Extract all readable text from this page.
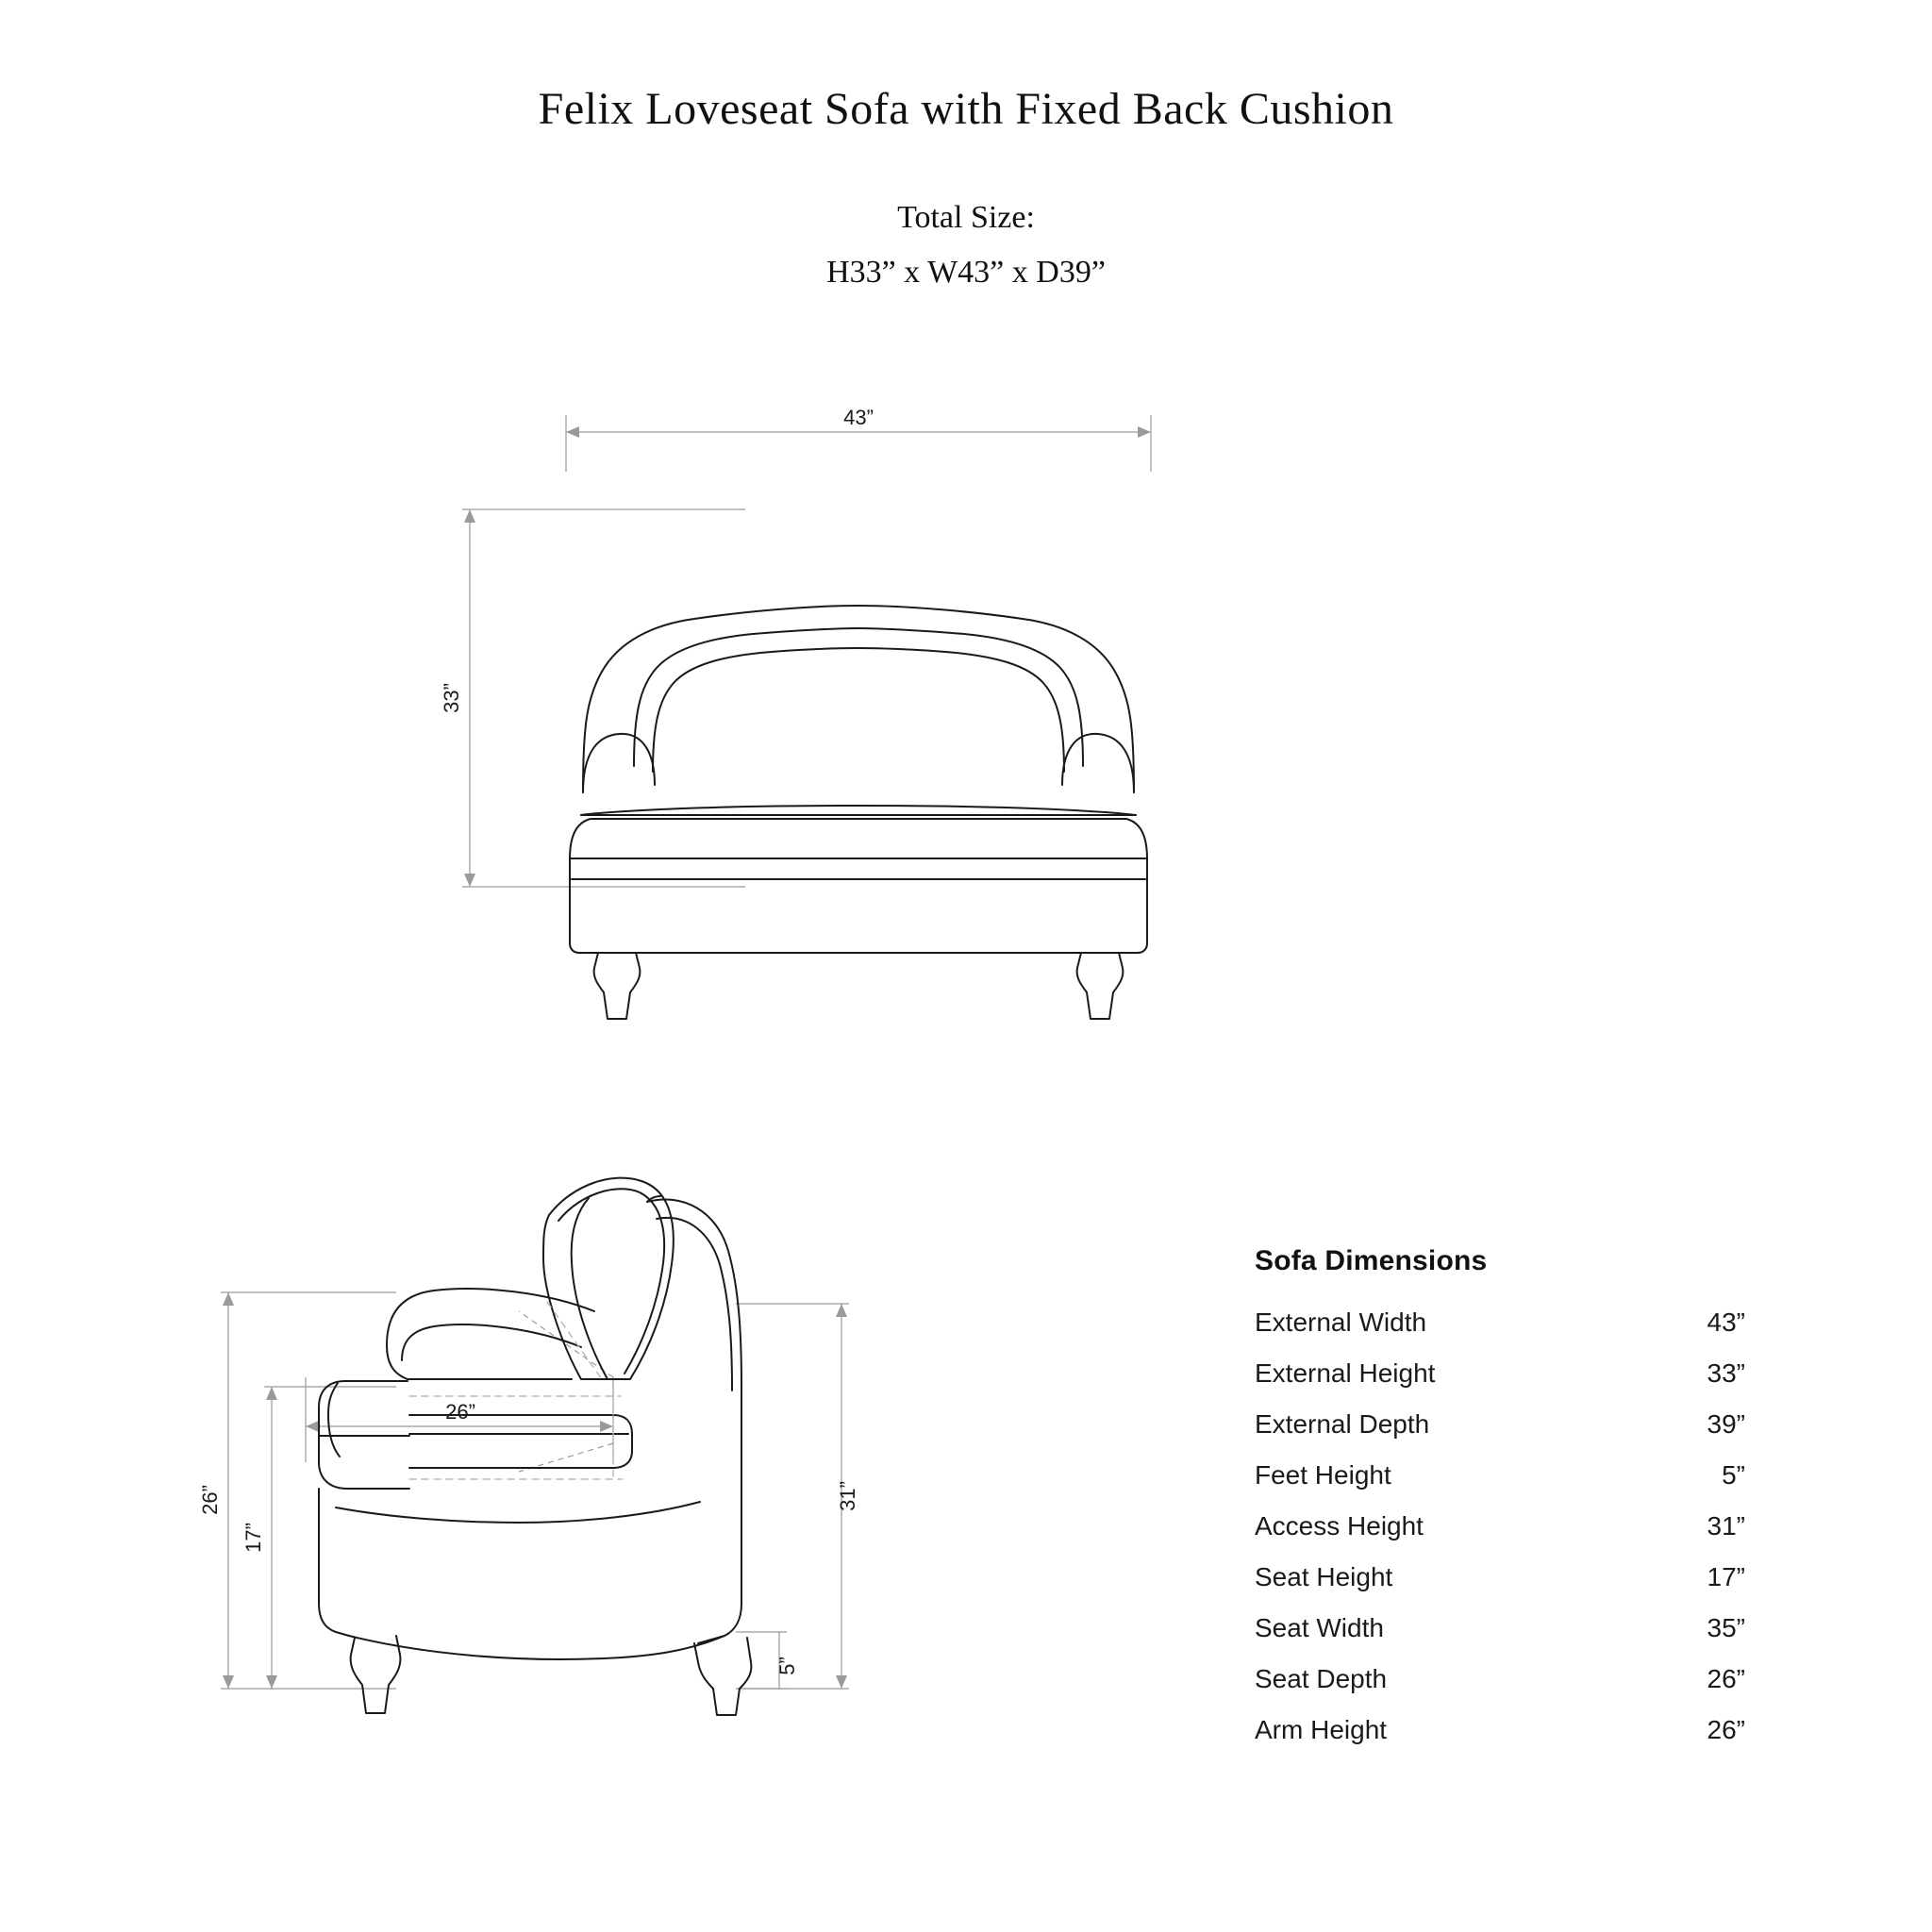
Felix Loveseat Sofa with Fixed Back Cushion
Total Size:
H33” x W43” x D39”
43”
33”
26”
17”
26”
31”
5”
Sofa Dimensions
External Width	43”
External Height	33”
External Depth	39”
Feet Height	5”
Access Height	31”
Seat Height	17”
Seat Width	35”
Seat Depth	26”
Arm Height	26”
